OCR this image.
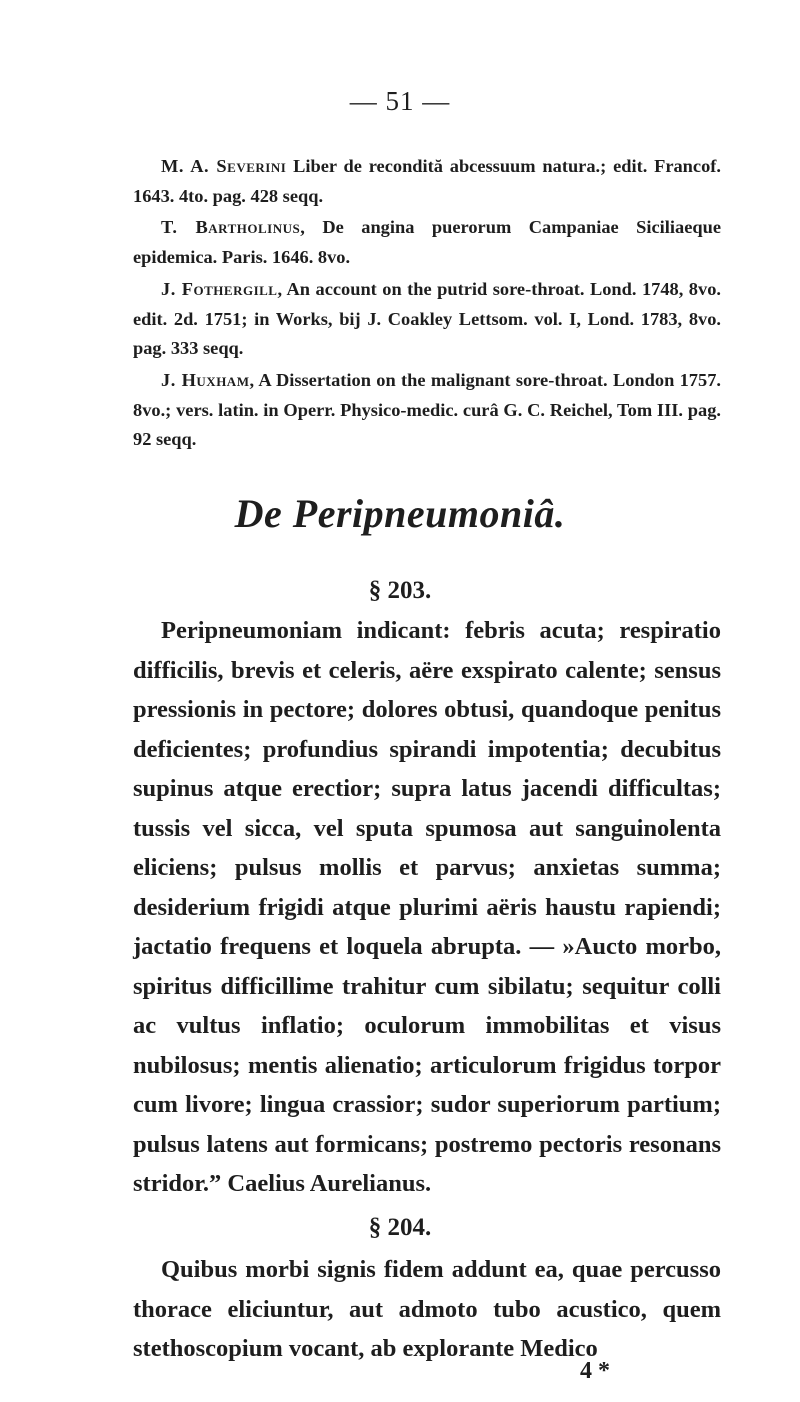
— 51 —

M. A. Severini Liber de recondită abcessuum natura.; edit. Francof. 1643. 4to. pag. 428 seqq.

T. Bartholinus, De angina puerorum Campaniae Siciliaeque epidemica. Paris. 1646. 8vo.

J. Fothergill, An account on the putrid sore-throat. Lond. 1748, 8vo. edit. 2d. 1751; in Works, bij J. Coakley Lettsom. vol. I, Lond. 1783, 8vo. pag. 333 seqq.

J. Huxham, A Dissertation on the malignant sore-throat. London 1757. 8vo.; vers. latin. in Operr. Physico-medic. curâ G. C. Reichel, Tom III. pag. 92 seqq.

De Peripneumoniâ.
§ 203.

Peripneumoniam indicant: febris acuta; respiratio difficilis, brevis et celeris, aëre exspirato calente; sensus pressionis in pectore; dolores obtusi, quandoque penitus deficientes; profundius spirandi impotentia; decubitus supinus atque erectior; supra latus jacendi difficultas; tussis vel sicca, vel sputa spumosa aut sanguinolenta eliciens; pulsus mollis et parvus; anxietas summa; desiderium frigidi atque plurimi aëris haustu rapiendi; jactatio frequens et loquela abrupta. — »Aucto morbo, spiritus difficillime trahitur cum sibilatu; sequitur colli ac vultus inflatio; oculorum immobilitas et visus nubilosus; mentis alienatio; articulorum frigidus torpor cum livore; lingua crassior; sudor superiorum partium; pulsus latens aut formicans; postremo pectoris resonans stridor.” Caelius Aurelianus.

§ 204.

Quibus morbi signis fidem addunt ea, quae percusso thorace eliciuntur, aut admoto tubo acustico, quem stethoscopium vocant, ab explorante Medico

4 *
